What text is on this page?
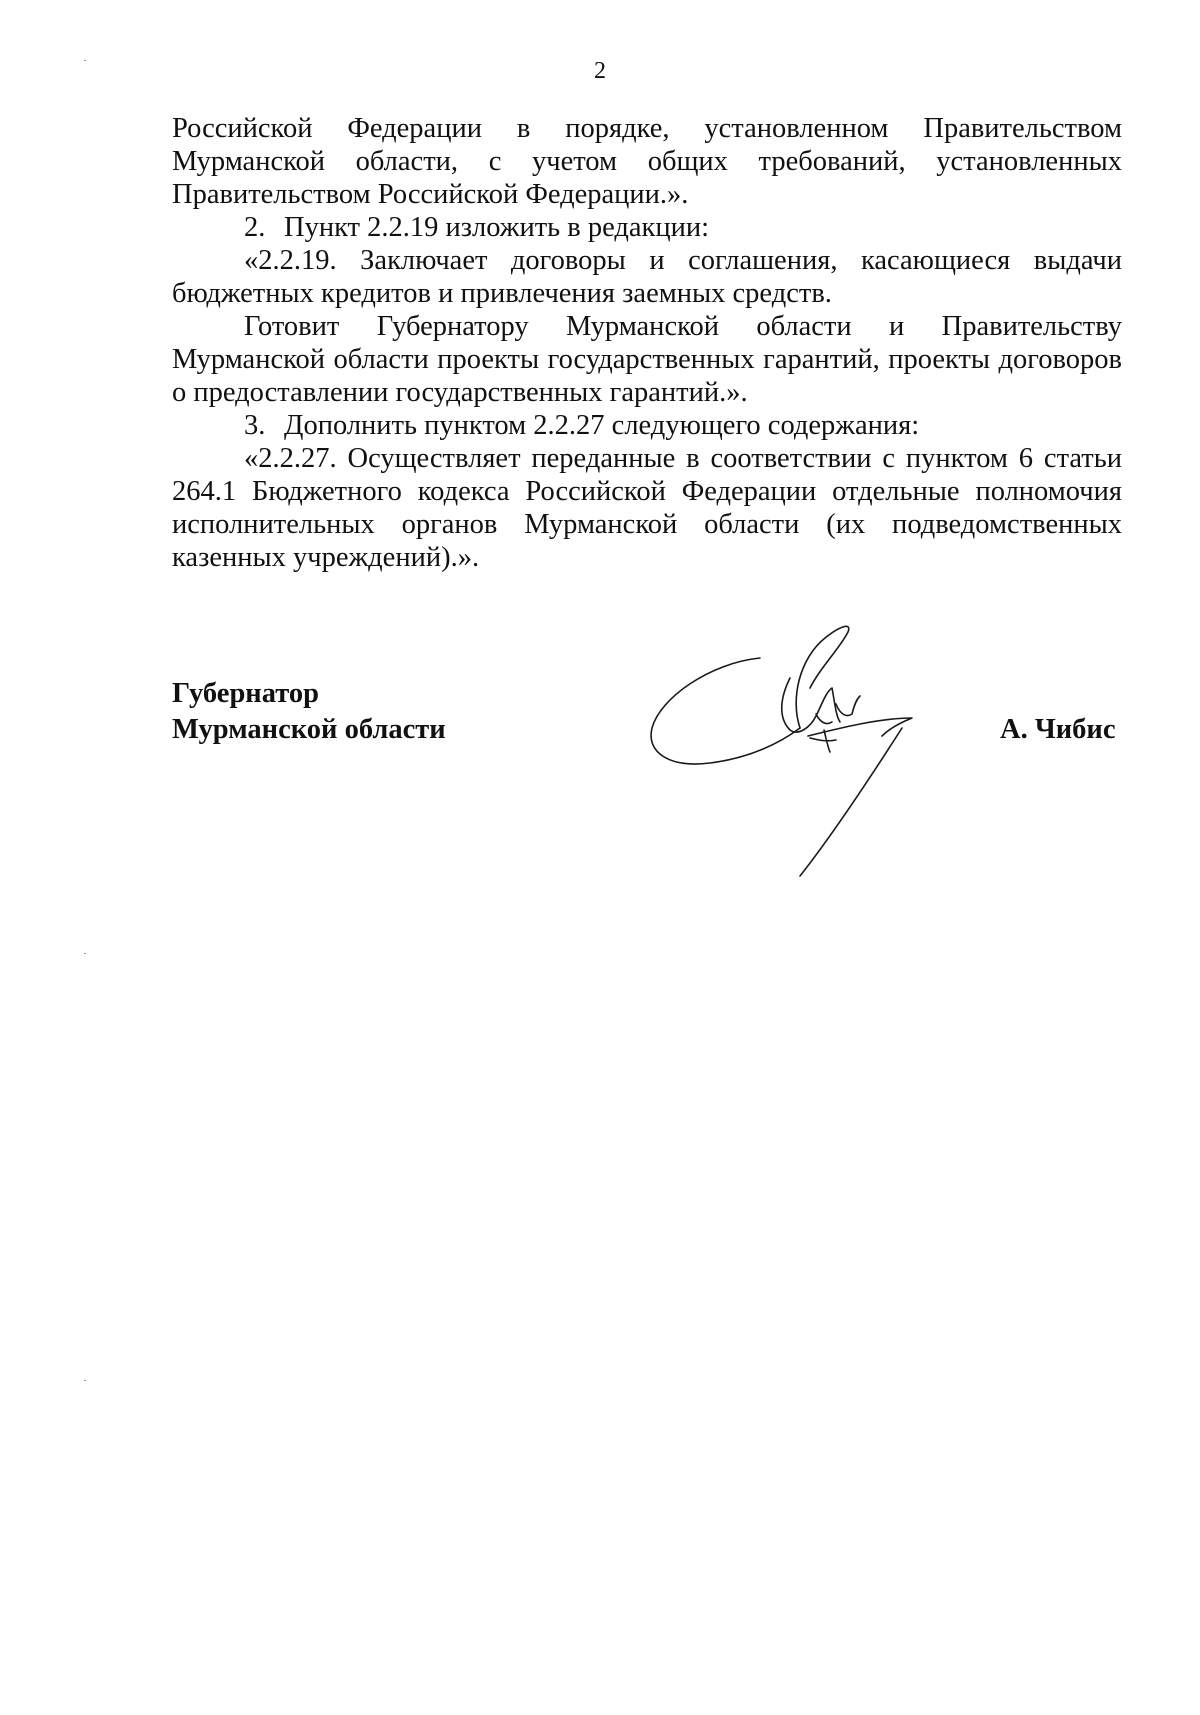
2

Российской Федерации в порядке, установленном Правительством Мурманской области, с учетом общих требований, установленных Правительством Российской Федерации.».

2. Пункт 2.2.19 изложить в редакции:

«2.2.19. Заключает договоры и соглашения, касающиеся выдачи бюджетных кредитов и привлечения заемных средств.

Готовит Губернатору Мурманской области и Правительству Мурманской области проекты государственных гарантий, проекты договоров о предоставлении государственных гарантий.».

3. Дополнить пунктом 2.2.27 следующего содержания:

«2.2.27. Осуществляет переданные в соответствии с пунктом 6 статьи 264.1 Бюджетного кодекса Российской Федерации отдельные полномочия исполнительных органов Мурманской области (их подведомственных казенных учреждений).».

Губернатор
Мурманской области	А. Чибис
